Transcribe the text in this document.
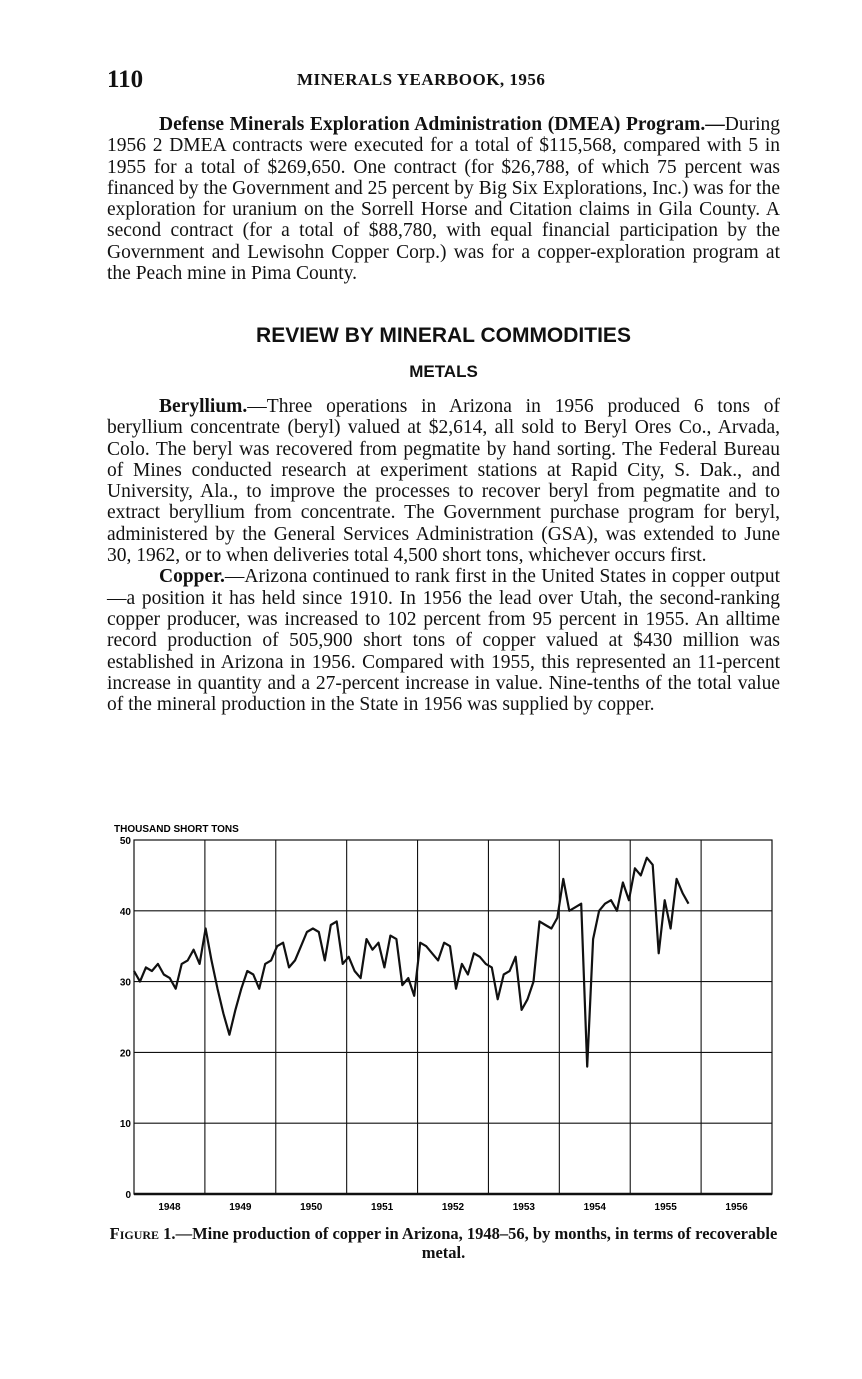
110	MINERALS YEARBOOK, 1956

Defense Minerals Exploration Administration (DMEA) Program.—During 1956 2 DMEA contracts were executed for a total of $115,568, compared with 5 in 1955 for a total of $269,650. One contract (for $26,788, of which 75 percent was financed by the Government and 25 percent by Big Six Explorations, Inc.) was for the exploration for uranium on the Sorrell Horse and Citation claims in Gila County. A second contract (for a total of $88,780, with equal financial participation by the Government and Lewisohn Copper Corp.) was for a copper-exploration program at the Peach mine in Pima County.

REVIEW BY MINERAL COMMODITIES
METALS

Beryllium.—Three operations in Arizona in 1956 produced 6 tons of beryllium concentrate (beryl) valued at $2,614, all sold to Beryl Ores Co., Arvada, Colo. The beryl was recovered from pegmatite by hand sorting. The Federal Bureau of Mines conducted research at experiment stations at Rapid City, S. Dak., and University, Ala., to improve the processes to recover beryl from pegmatite and to extract beryllium from concentrate. The Government purchase program for beryl, administered by the General Services Administration (GSA), was extended to June 30, 1962, or to when deliveries total 4,500 short tons, whichever occurs first.

Copper.—Arizona continued to rank first in the United States in copper output—a position it has held since 1910. In 1956 the lead over Utah, the second-ranking copper producer, was increased to 102 percent from 95 percent in 1955. An alltime record production of 505,900 short tons of copper valued at $430 million was established in Arizona in 1956. Compared with 1955, this represented an 11-percent increase in quantity and a 27-percent increase in value. Nine-tenths of the total value of the mineral production in the State in 1956 was supplied by copper.

THOUSAND SHORT TONS
0
10
20
30
40
50
1948	1949	1950	1951	1952	1953	1954	1955	1956
Figure 1.—Mine production of copper in Arizona, 1948–56, by months, in terms of recoverable metal.
